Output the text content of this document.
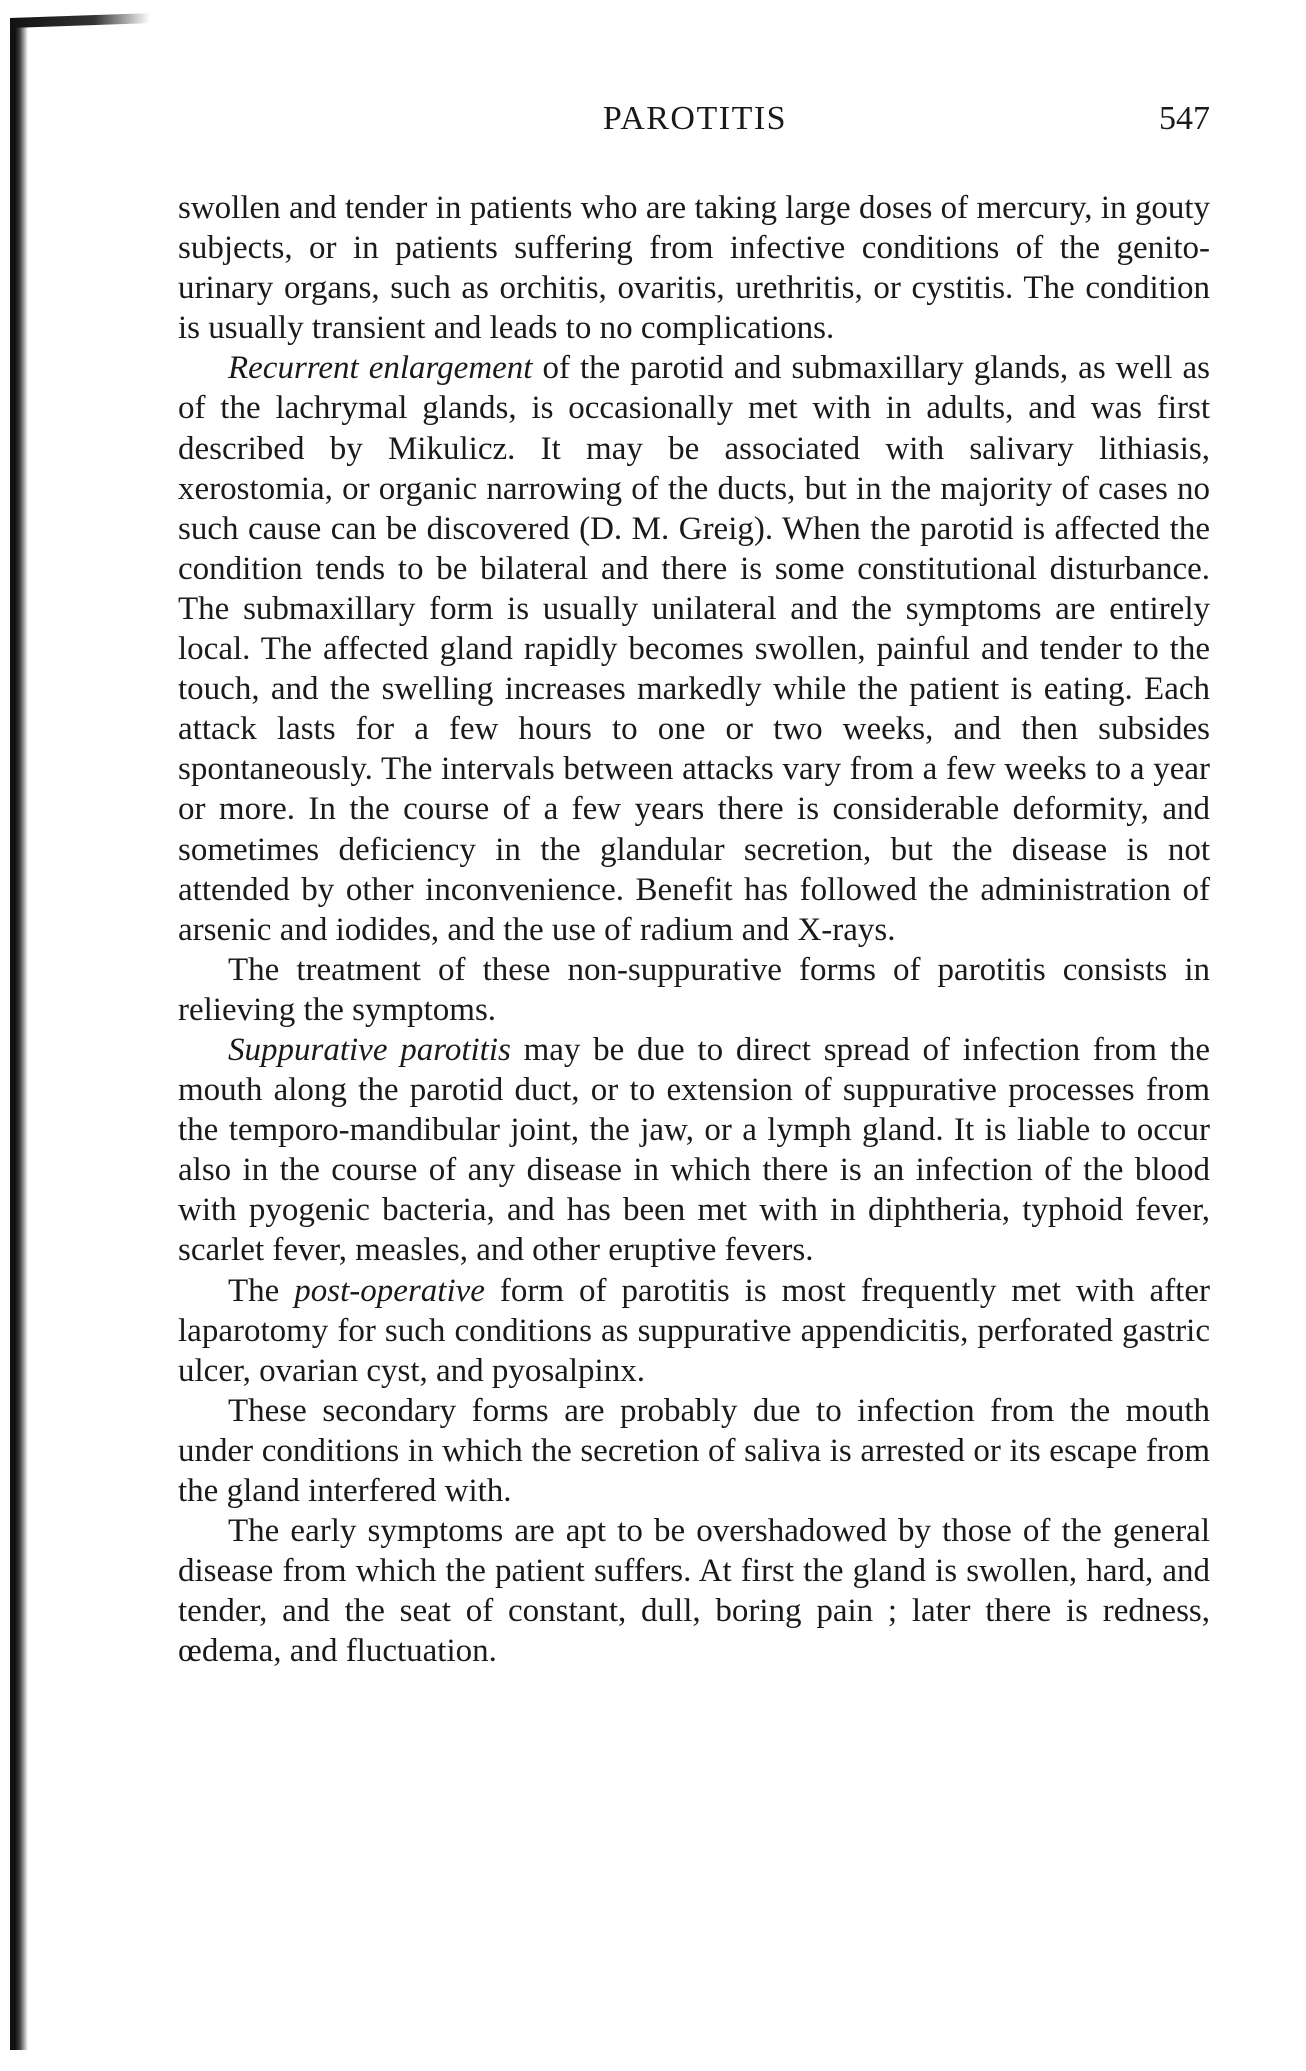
PAROTITIS	547

swollen and tender in patients who are taking large doses of mercury, in gouty subjects, or in patients suffering from infective conditions of the genito-urinary organs, such as orchitis, ovaritis, urethritis, or cystitis. The condition is usually transient and leads to no complications.

Recurrent enlargement of the parotid and submaxillary glands, as well as of the lachrymal glands, is occasionally met with in adults, and was first described by Mikulicz. It may be associated with salivary lithiasis, xerostomia, or organic narrowing of the ducts, but in the majority of cases no such cause can be discovered (D. M. Greig). When the parotid is affected the condition tends to be bilateral and there is some constitutional disturbance. The submaxillary form is usually unilateral and the symptoms are entirely local. The affected gland rapidly becomes swollen, painful and tender to the touch, and the swelling increases markedly while the patient is eating. Each attack lasts for a few hours to one or two weeks, and then subsides spontaneously. The intervals between attacks vary from a few weeks to a year or more. In the course of a few years there is considerable deformity, and sometimes deficiency in the glandular secretion, but the disease is not attended by other inconvenience. Benefit has followed the administration of arsenic and iodides, and the use of radium and X-rays.

The treatment of these non-suppurative forms of parotitis consists in relieving the symptoms.

Suppurative parotitis may be due to direct spread of infection from the mouth along the parotid duct, or to extension of suppurative processes from the temporo-mandibular joint, the jaw, or a lymph gland. It is liable to occur also in the course of any disease in which there is an infection of the blood with pyogenic bacteria, and has been met with in diphtheria, typhoid fever, scarlet fever, measles, and other eruptive fevers.

The post-operative form of parotitis is most frequently met with after laparotomy for such conditions as suppurative appendicitis, perforated gastric ulcer, ovarian cyst, and pyosalpinx.

These secondary forms are probably due to infection from the mouth under conditions in which the secretion of saliva is arrested or its escape from the gland interfered with.

The early symptoms are apt to be overshadowed by those of the general disease from which the patient suffers. At first the gland is swollen, hard, and tender, and the seat of constant, dull, boring pain ; later there is redness, œdema, and fluctuation.
